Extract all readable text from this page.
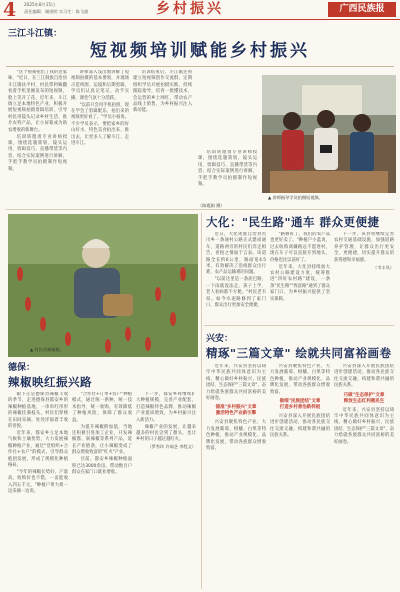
4 2025年8月15日
责任编辑：谢道明 实习生：陈飞旗	乡村振兴	广西民族报
三江斗江镇：
短视频培训赋能乡村振兴

"这个视频拍出了我的老家味，"近日，在三江侗族自治县斗江镇扶平村，村民覃阿姨翻看着手机里刚发布的短视频，脸上笑开了花。近年来，斗江镇立足本地特色产业，积极开展短视频拍摄剪辑培训，引导村民用镜头记录乡村生活、推介农特产品，让小屏幕成为助农增收的新舞台。

培训班邀请专业讲师授课，围绕选题策划、镜头运用、剪辑技巧、直播带货等内容，结合实际案例进行讲解，手把手教学员拍摄制作短视频。

讲师深入浅出地讲解了短视频拍摄的基本要领，并现场示范构图、运镜和后期剪辑，学员们认真记笔记、动手实操，课堂气氛十分活跃。

"以前只会用手机拍照，现在学会了剪辑配乐，拍出来的视频更好看了。"学员小杨说。不少学员表示，要把家乡的好山好水、特色美食拍出来、推出去，让更多人了解斗江、走进斗江。

培训结束后，斗江镇还将建立短视频创作交流群，定期组织学员开展拍摄实践，持续跟踪指导，培育一批懂技术、会运营的乡土网红，带动农产品线上销售，为乡村振兴注入新动能。

培训班邀请专业讲师授课，围绕选题策划、镜头运用、剪辑技巧、直播带货等内容，结合实际案例进行讲解，手把手教学员拍摄制作短视频。

▲ 讲师指导学员拍摄短视频。
（陈霞娟 摄）
大化："民生路"通车 群众更便捷

近日，大化瑶族自治县贡川乡一条通村公路正式建成通车，道路两旁的村民们奔走相告，喜悦之情溢于言表。该道路全长约6公里，路面宽4.5米，有效解决了沿线群众出行难、农产品运输难的问题。

"以前这里是一条泥巴路，一下雨就没法走，孩子上学、老人看病都不方便。"村民老韦说。如今水泥路修到了家门口，群众出行更加安全便捷。

"路修好了，我们的农产品也更好卖了。"种植户小蓝说，过去收购商嫌路远不愿进村，现在车子可以直接开到地头，价格也比以前好了。

近年来，大化县持续加大农村公路建设力度，统筹推进"四好农村路"建设，一条条"民生路""致富路"通到了群众家门口，为乡村振兴提供了坚实保障。

下一步，该县将继续完善农村交通基础设施，加强道路养护管理，让群众出行更安全、更便捷，切实提升群众的获得感和幸福感。

（韦丰凤）

▲ 村民采摘辣椒。
德保：
辣椒映红振兴路

眼下正是德保县辣椒丰收的季节，走进德保县都安乡的辣椒种植基地，一串串红彤彤的辣椒挂满枝头，村民们穿梭在田间采摘，处处洋溢着丰收的喜悦。

近年来，都安乡立足本地气候和土壤优势，大力发展辣椒种植产业，通过"党组织+合作社+农户"的模式，引导群众抱团发展，形成了规模化种植格局。

"今年的辣椒长势好，产量高，收购价也不错，一亩能收入四五千元。"种植户黄大姐一边采摘一边说。

"合作社+订单+农户"种植模式，通过统一供种、统一技术指导、统一收购，有效降低了种植风险，保障了群众收益。

为提升辣椒附加值，当地还积极引进加工企业，开发辣椒酱、剁辣椒等系列产品，延长产业链条，让小辣椒变成了群众增收致富的"红火"产业。

目前，都安乡辣椒种植面积已达3000余亩，带动数百户群众在家门口就业增收。

下一步，都安乡将继续扩大种植规模，完善产业配套，打造辣椒特色品牌，推动辣椒产业提质增效，为乡村振兴注入新活力。

辣椒产业的发展，让越来越多的村民尝到了甜头，也让乡村的日子越过越红火。

（罗秀珍 许瑞芝 李程文）

兴安：
精琢"三篇文章" 绘就共同富裕画卷

近年来，兴安县坚持以铸牢中华民族共同体意识为主线，精心做好乡村振兴、民族团结、生态保护"三篇文章"，奋力绘就各族群众共同富裕的美好画卷。

锚准"乡村振兴"文章
激活特色产业新引擎

兴安县聚焦特色产业，大力发展葡萄、柑橘、白果等特色种植，推动产业规模化、品牌化发展，带动各族群众增收致富。

兴安县聚焦特色产业，大力发展葡萄、柑橘、白果等特色种植，推动产业规模化、品牌化发展，带动各族群众增收致富。

做细"民族团结"文章
打造乡村善治新样板

兴安县深入开展民族团结进步创建活动，推动各民族交往交流交融，构建和谐共融的民族关系。

兴安县深入开展民族团结进步创建活动，推动各民族交往交流交融，构建和谐共融的民族关系。

巧做"生态保护"文章
释放生态红利惠民生

近年来，兴安县坚持以铸牢中华民族共同体意识为主线，精心做好乡村振兴、民族团结、生态保护"三篇文章"，奋力绘就各族群众共同富裕的美好画卷。
